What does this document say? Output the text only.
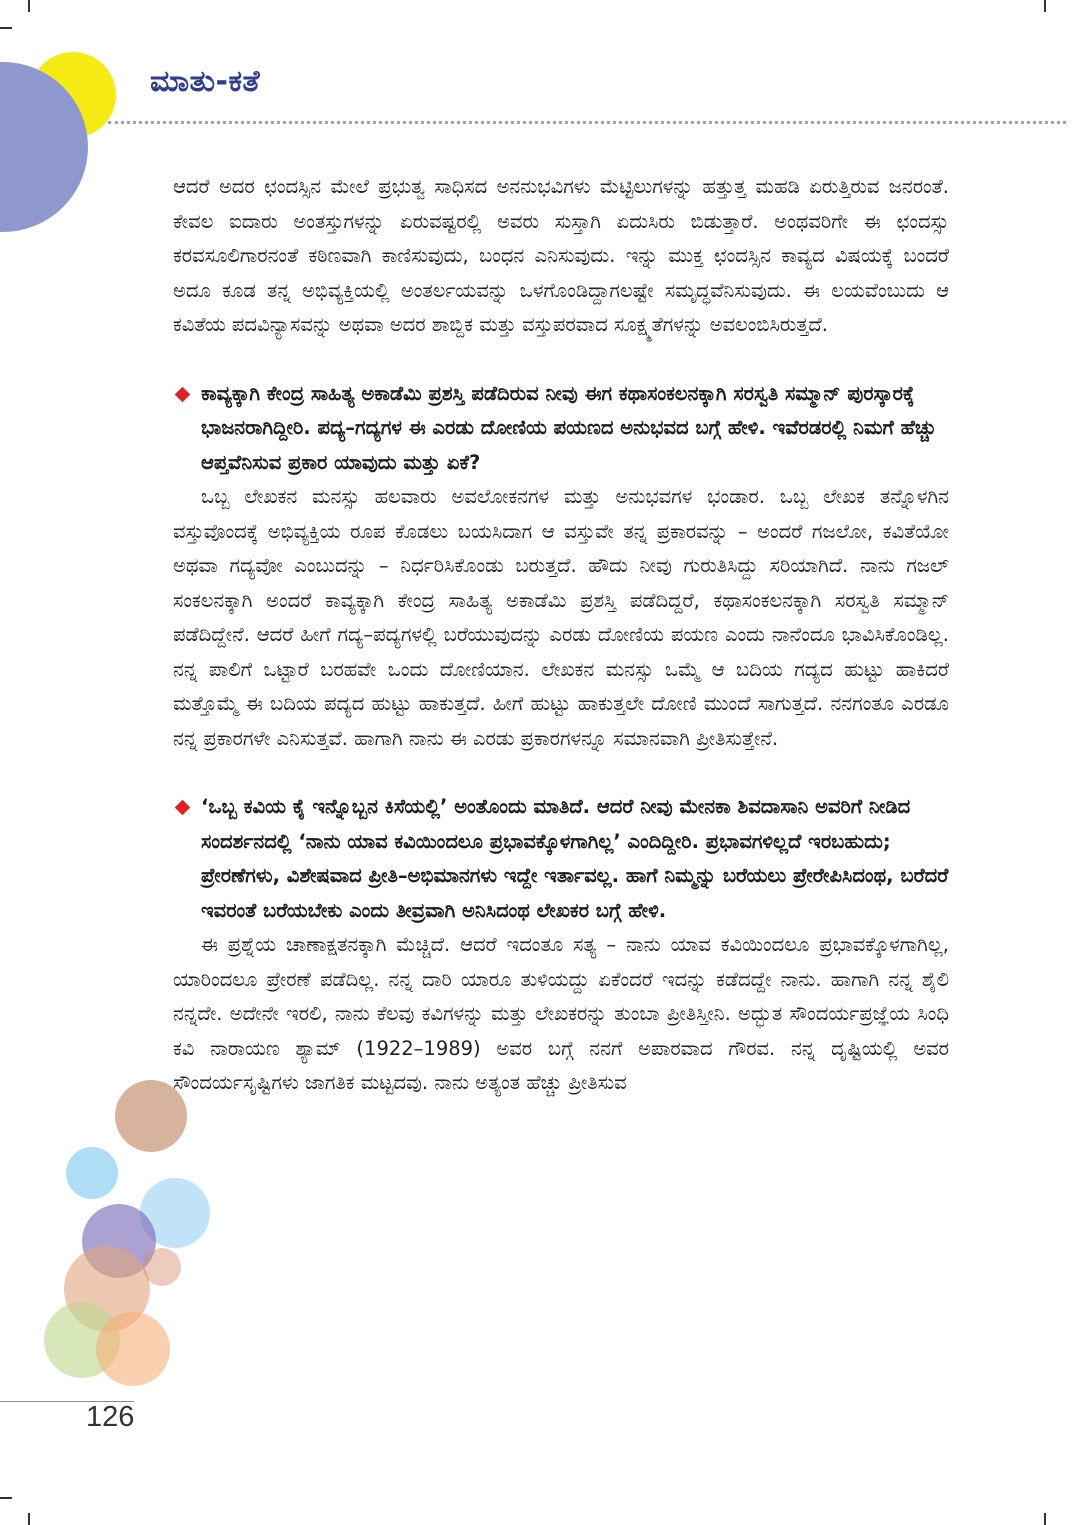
ಮಾತು-ಕತೆ

ಆದರೆ ಅದರ ಛಂದಸ್ಸಿನ ಮೇಲೆ ಪ್ರಭುತ್ವ ಸಾಧಿಸದ ಅನನುಭವಿಗಳು ಮೆಟ್ಟಿಲುಗಳನ್ನು ಹತ್ತುತ್ತ ಮಹಡಿ ಏರುತ್ತಿರುವ ಜನರಂತೆ. ಕೇವಲ ಐದಾರು ಅಂತಸ್ತುಗಳನ್ನು ಏರುವಷ್ಟರಲ್ಲಿ ಅವರು ಸುಸ್ತಾಗಿ ಏದುಸಿರು ಬಿಡುತ್ತಾರೆ. ಅಂಥವರಿಗೇ ಈ ಛಂದಸ್ಸು ಕರವಸೂಲಿಗಾರನಂತೆ ಕಠಿಣವಾಗಿ ಕಾಣಿಸುವುದು, ಬಂಧನ ಎನಿಸುವುದು. ಇನ್ನು ಮುಕ್ತ ಛಂದಸ್ಸಿನ ಕಾವ್ಯದ ವಿಷಯಕ್ಕೆ ಬಂದರೆ ಅದೂ ಕೂಡ ತನ್ನ ಅಭಿವ್ಯಕ್ತಿಯಲ್ಲಿ ಅಂತರ್ಲಯವನ್ನು ಒಳಗೊಂಡಿದ್ದಾಗಲಷ್ಟೇ ಸಮೃದ್ಧವೆನಿಸುವುದು. ಈ ಲಯವೆಂಬುದು ಆ ಕವಿತೆಯ ಪದವಿನ್ಯಾಸವನ್ನು ಅಥವಾ ಅದರ ಶಾಬ್ದಿಕ ಮತ್ತು ವಸ್ತುಪರವಾದ ಸೂಕ್ಷ್ಮತೆಗಳನ್ನು ಅವಲಂಬಿಸಿರುತ್ತದೆ.

ಕಾವ್ಯಕ್ಕಾಗಿ ಕೇಂದ್ರ ಸಾಹಿತ್ಯ ಅಕಾಡೆಮಿ ಪ್ರಶಸ್ತಿ ಪಡೆದಿರುವ ನೀವು ಈಗ ಕಥಾಸಂಕಲನಕ್ಕಾಗಿ ಸರಸ್ವತಿ ಸಮ್ಮಾನ್ ಪುರಸ್ಕಾರಕ್ಕೆ ಭಾಜನರಾಗಿದ್ದೀರಿ. ಪದ್ಯ–ಗದ್ಯಗಳ ಈ ಎರಡು ದೋಣಿಯ ಪಯಣದ ಅನುಭವದ ಬಗ್ಗೆ ಹೇಳಿ. ಇವೆರಡರಲ್ಲಿ ನಿಮಗೆ ಹೆಚ್ಚು ಆಪ್ತವೆನಿಸುವ ಪ್ರಕಾರ ಯಾವುದು ಮತ್ತು ಏಕೆ?

ಒಬ್ಬ ಲೇಖಕನ ಮನಸ್ಸು ಹಲವಾರು ಅವಲೋಕನಗಳ ಮತ್ತು ಅನುಭವಗಳ ಭಂಡಾರ. ಒಬ್ಬ ಲೇಖಕ ತನ್ನೊಳಗಿನ ವಸ್ತುವೊಂದಕ್ಕೆ ಅಭಿವ್ಯಕ್ತಿಯ ರೂಪ ಕೊಡಲು ಬಯಸಿದಾಗ ಆ ವಸ್ತುವೇ ತನ್ನ ಪ್ರಕಾರವನ್ನು – ಅಂದರೆ ಗಜಲೋ, ಕವಿತೆಯೋ ಅಥವಾ ಗದ್ಯವೋ ಎಂಬುದನ್ನು – ನಿರ್ಧರಿಸಿಕೊಂಡು ಬರುತ್ತದೆ. ಹೌದು ನೀವು ಗುರುತಿಸಿದ್ದು ಸರಿಯಾಗಿದೆ. ನಾನು ಗಜಲ್ ಸಂಕಲನಕ್ಕಾಗಿ ಅಂದರೆ ಕಾವ್ಯಕ್ಕಾಗಿ ಕೇಂದ್ರ ಸಾಹಿತ್ಯ ಅಕಾಡೆಮಿ ಪ್ರಶಸ್ತಿ ಪಡೆದಿದ್ದರೆ, ಕಥಾಸಂಕಲನಕ್ಕಾಗಿ ಸರಸ್ವತಿ ಸಮ್ಮಾನ್ ಪಡೆದಿದ್ದೇನೆ. ಆದರೆ ಹೀಗೆ ಗದ್ಯ–ಪದ್ಯಗಳಲ್ಲಿ ಬರೆಯುವುದನ್ನು ಎರಡು ದೋಣಿಯ ಪಯಣ ಎಂದು ನಾನೆಂದೂ ಭಾವಿಸಿಕೊಂಡಿಲ್ಲ. ನನ್ನ ಪಾಲಿಗೆ ಒಟ್ಟಾರೆ ಬರಹವೇ ಒಂದು ದೋಣಿಯಾನ. ಲೇಖಕನ ಮನಸ್ಸು ಒಮ್ಮೆ ಆ ಬದಿಯ ಗದ್ಯದ ಹುಟ್ಟು ಹಾಕಿದರೆ ಮತ್ತೊಮ್ಮೆ ಈ ಬದಿಯ ಪದ್ಯದ ಹುಟ್ಟು ಹಾಕುತ್ತದೆ. ಹೀಗೆ ಹುಟ್ಟು ಹಾಕುತ್ತಲೇ ದೋಣಿ ಮುಂದೆ ಸಾಗುತ್ತದೆ. ನನಗಂತೂ ಎರಡೂ ನನ್ನ ಪ್ರಕಾರಗಳೇ ಎನಿಸುತ್ತವೆ. ಹಾಗಾಗಿ ನಾನು ಈ ಎರಡು ಪ್ರಕಾರಗಳನ್ನೂ ಸಮಾನವಾಗಿ ಪ್ರೀತಿಸುತ್ತೇನೆ.

‘ಒಬ್ಬ ಕವಿಯ ಕೈ ಇನ್ನೊಬ್ಬನ ಕಿಸೆಯಲ್ಲಿ’ ಅಂತೊಂದು ಮಾತಿದೆ. ಆದರೆ ನೀವು ಮೇನಕಾ ಶಿವದಾಸಾನಿ ಅವರಿಗೆ ನೀಡಿದ ಸಂದರ್ಶನದಲ್ಲಿ ‘ನಾನು ಯಾವ ಕವಿಯಿಂದಲೂ ಪ್ರಭಾವಕ್ಕೊಳಗಾಗಿಲ್ಲ’ ಎಂದಿದ್ದೀರಿ. ಪ್ರಭಾವಗಳಿಲ್ಲದೆ ಇರಬಹುದು; ಪ್ರೇರಣೆಗಳು, ವಿಶೇಷವಾದ ಪ್ರೀತಿ–ಅಭಿಮಾನಗಳು ಇದ್ದೇ ಇರ್ತಾವಲ್ಲ. ಹಾಗೆ ನಿಮ್ಮನ್ನು ಬರೆಯಲು ಪ್ರೇರೇಪಿಸಿದಂಥ, ಬರೆದರೆ ಇವರಂತೆ ಬರೆಯಬೇಕು ಎಂದು ತೀವ್ರವಾಗಿ ಅನಿಸಿದಂಥ ಲೇಖಕರ ಬಗ್ಗೆ ಹೇಳಿ.

ಈ ಪ್ರಶ್ನೆಯ ಚಾಣಾಕ್ಷತನಕ್ಕಾಗಿ ಮೆಚ್ಚಿದೆ. ಆದರೆ ಇದಂತೂ ಸತ್ಯ – ನಾನು ಯಾವ ಕವಿಯಿಂದಲೂ ಪ್ರಭಾವಕ್ಕೊಳಗಾಗಿಲ್ಲ, ಯಾರಿಂದಲೂ ಪ್ರೇರಣೆ ಪಡೆದಿಲ್ಲ. ನನ್ನ ದಾರಿ ಯಾರೂ ತುಳಿಯದ್ದು ಏಕೆಂದರೆ ಇದನ್ನು ಕಡೆದದ್ದೇ ನಾನು. ಹಾಗಾಗಿ ನನ್ನ ಶೈಲಿ ನನ್ನದೇ. ಅದೇನೇ ಇರಲಿ, ನಾನು ಕೆಲವು ಕವಿಗಳನ್ನು ಮತ್ತು ಲೇಖಕರನ್ನು ತುಂಬಾ ಪ್ರೀತಿಸ್ತೀನಿ. ಅದ್ಭುತ ಸೌಂದರ್ಯಪ್ರಜ್ಞೆಯ ಸಿಂಧಿ ಕವಿ ನಾರಾಯಣ ಶ್ಯಾಮ್ (1922–1989) ಅವರ ಬಗ್ಗೆ ನನಗೆ ಅಪಾರವಾದ ಗೌರವ. ನನ್ನ ದೃಷ್ಟಿಯಲ್ಲಿ ಅವರ ಸೌಂದರ್ಯಸೃಷ್ಟಿಗಳು ಜಾಗತಿಕ ಮಟ್ಟದವು. ನಾನು ಅತ್ಯಂತ ಹೆಚ್ಚು ಪ್ರೀತಿಸುವ

126
